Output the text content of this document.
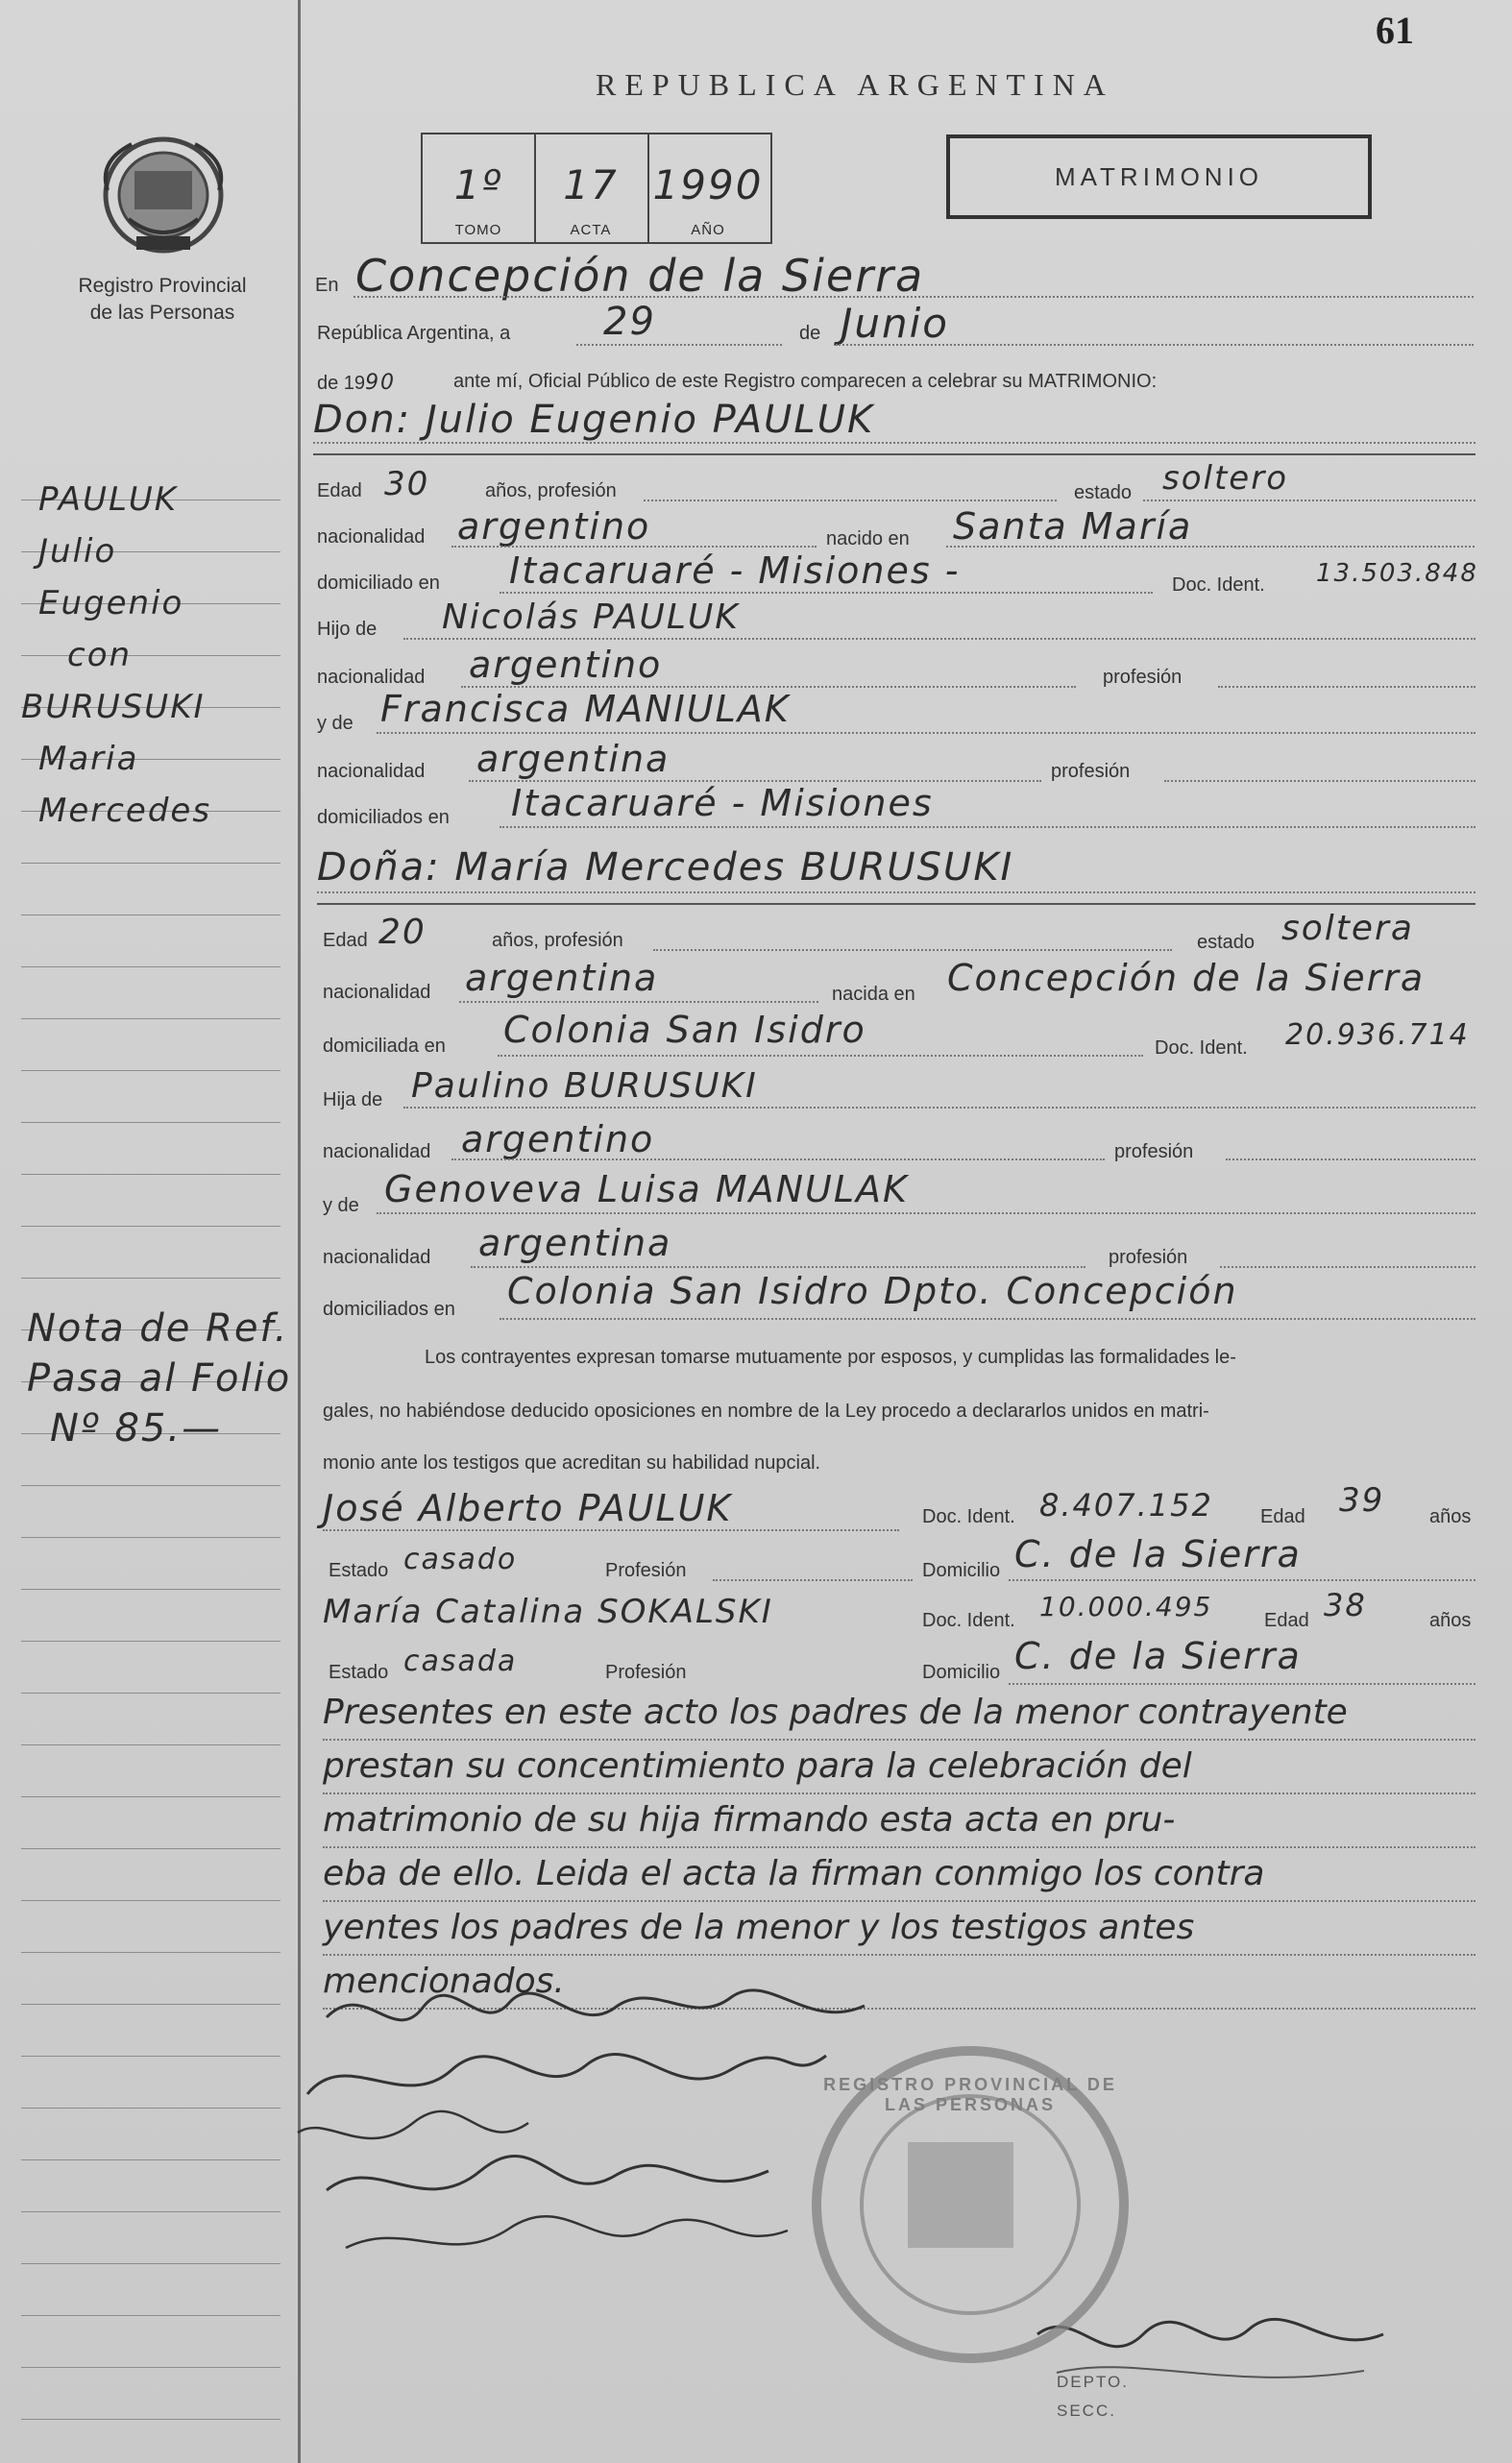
61
Registro Provincial
de las Personas
REPUBLICA ARGENTINA
1º
TOMO
17
ACTA
1990
AÑO
MATRIMONIO
PAULUK
Julio
Eugenio
con
BURUSUKI
Maria
Mercedes
Nota de Ref.
Pasa al Folio
Nº 85.—
En Concepción de la Sierra
República Argentina, a 29	de Junio
de 1990	ante mí, Oficial Público de este Registro comparecen a celebrar su MATRIMONIO:
Don: Julio Eugenio PAULUK
Edad 30	años, profesión	estado soltero
nacionalidad argentino	nacido en Santa María
domiciliado en Itacaruaré - Misiones -	Doc. Ident. 13.503.848
Hijo de Nicolás PAULUK
nacionalidad argentino	profesión
y de Francisca MANIULAK
nacionalidad argentina	profesión
domiciliados en Itacaruaré - Misiones
Doña: María Mercedes BURUSUKI
Edad 20	años, profesión	estado soltera
nacionalidad argentina	nacida en Concepción de la Sierra
domiciliada en Colonia San Isidro	Doc. Ident. 20.936.714
Hija de Paulino BURUSUKI
nacionalidad argentino	profesión
y de Genoveva Luisa MANULAK
nacionalidad argentina	profesión
domiciliados en Colonia San Isidro Dpto. Concepción
Los contrayentes expresan tomarse mutuamente por esposos, y cumplidas las formalidades le-
gales, no habiéndose deducido oposiciones en nombre de la Ley procedo a declararlos unidos en matri-
monio ante los testigos que acreditan su habilidad nupcial.
José Alberto PAULUK	Doc. Ident. 8.407.152 Edad 39 años
Estado casado	Profesión	Domicilio C. de la Sierra
María Catalina SOKALSKI	Doc. Ident. 10.000.495	Edad 38	años
Estado casada	Profesión	Domicilio C. de la Sierra
Presentes en este acto los padres de la menor contrayente
prestan su concentimiento para la celebración del
matrimonio de su hija firmando esta acta en pru-
eba de ello. Leida el acta la firman conmigo los contra
yentes los padres de la menor y los testigos antes
mencionados.
REGISTRO PROVINCIAL DE LAS PERSONAS
DEPTO.
SECC.
